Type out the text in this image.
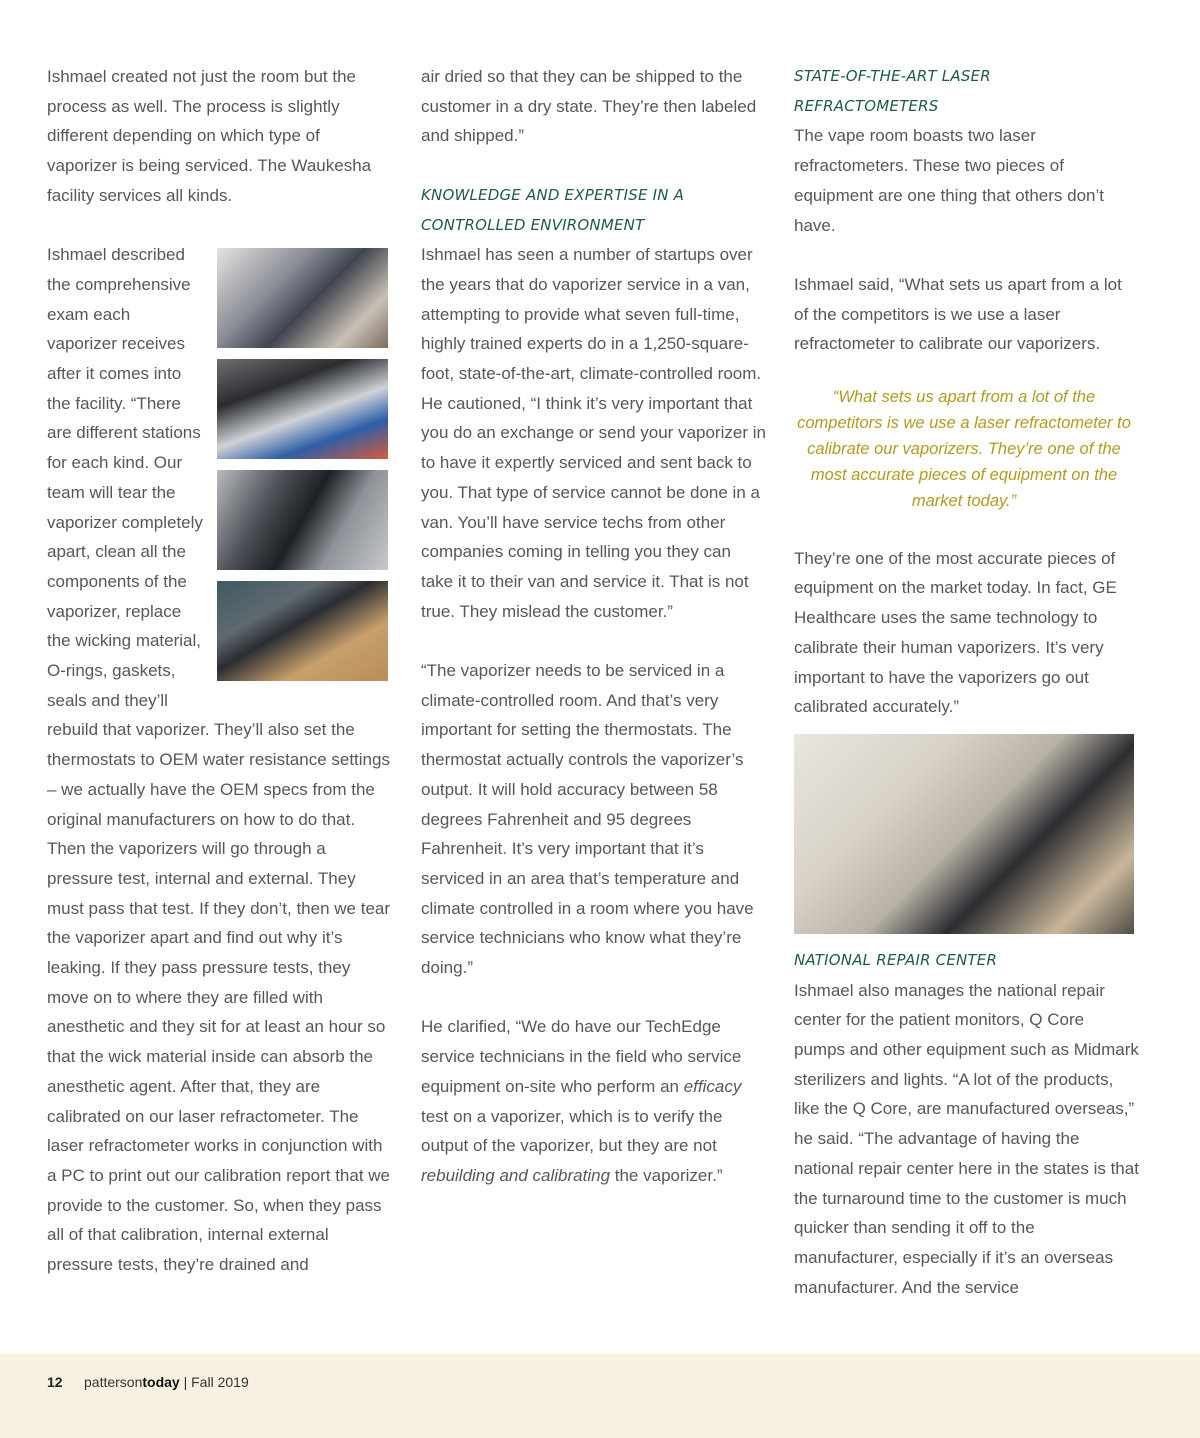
Ishmael created not just the room but the process as well. The process is slightly different depending on which type of vaporizer is being serviced. The Waukesha facility services all kinds.

Ishmael described the comprehensive exam each vaporizer receives after it comes into the facility. “There are different stations for each kind. Our team will tear the vaporizer completely apart, clean all the components of the vaporizer, replace the wicking material, O-rings, gaskets, seals and they’ll rebuild that vaporizer. They’ll also set the thermostats to OEM water resistance settings – we actually have the OEM specs from the original manufacturers on how to do that. Then the vaporizers will go through a pressure test, internal and external. They must pass that test. If they don’t, then we tear the vaporizer apart and find out why it’s leaking. If they pass pressure tests, they move on to where they are filled with anesthetic and they sit for at least an hour so that the wick material inside can absorb the anesthetic agent. After that, they are calibrated on our laser refractometer. The laser refractometer works in conjunction with a PC to print out our calibration report that we provide to the customer. So, when they pass all of that calibration, internal external pressure tests, they’re drained and

air dried so that they can be shipped to the customer in a dry state. They’re then labeled and shipped.”

KNOWLEDGE AND EXPERTISE IN A
CONTROLLED ENVIRONMENT

Ishmael has seen a number of startups over the years that do vaporizer service in a van, attempting to provide what seven full-time, highly trained experts do in a 1,250-square-foot, state-of-the-art, climate-controlled room. He cautioned, “I think it’s very important that you do an exchange or send your vaporizer in to have it expertly serviced and sent back to you. That type of service cannot be done in a van. You’ll have service techs from other companies coming in telling you they can take it to their van and service it. That is not true. They mislead the customer.”

“The vaporizer needs to be serviced in a climate-controlled room. And that’s very important for setting the thermostats. The thermostat actually controls the vaporizer’s output. It will hold accuracy between 58 degrees Fahrenheit and 95 degrees Fahrenheit. It’s very important that it’s serviced in an area that’s temperature and climate controlled in a room where you have service technicians who know what they’re doing.”

He clarified, “We do have our TechEdge service technicians in the field who service equipment on-site who perform an efficacy test on a vaporizer, which is to verify the output of the vaporizer, but they are not rebuilding and calibrating the vaporizer.”

STATE-OF-THE-ART LASER REFRACTOMETERS

The vape room boasts two laser refractometers. These two pieces of equipment are one thing that others don’t have.

Ishmael said, “What sets us apart from a lot of the competitors is we use a laser refractometer to calibrate our vaporizers.

“What sets us apart from a lot of the competitors is we use a laser refractometer to calibrate our vaporizers. They’re one of the most accurate pieces of equipment on the market today.”

They’re one of the most accurate pieces of equipment on the market today. In fact, GE Healthcare uses the same technology to calibrate their human vaporizers. It’s very important to have the vaporizers go out calibrated accurately.”

NATIONAL REPAIR CENTER

Ishmael also manages the national repair center for the patient monitors, Q Core pumps and other equipment such as Midmark sterilizers and lights. “A lot of the products, like the Q Core, are manufactured overseas,” he said. “The advantage of having the national repair center here in the states is that the turnaround time to the customer is much quicker than sending it off to the manufacturer, especially if it’s an overseas manufacturer. And the service

12 pattersontoday | Fall 2019
